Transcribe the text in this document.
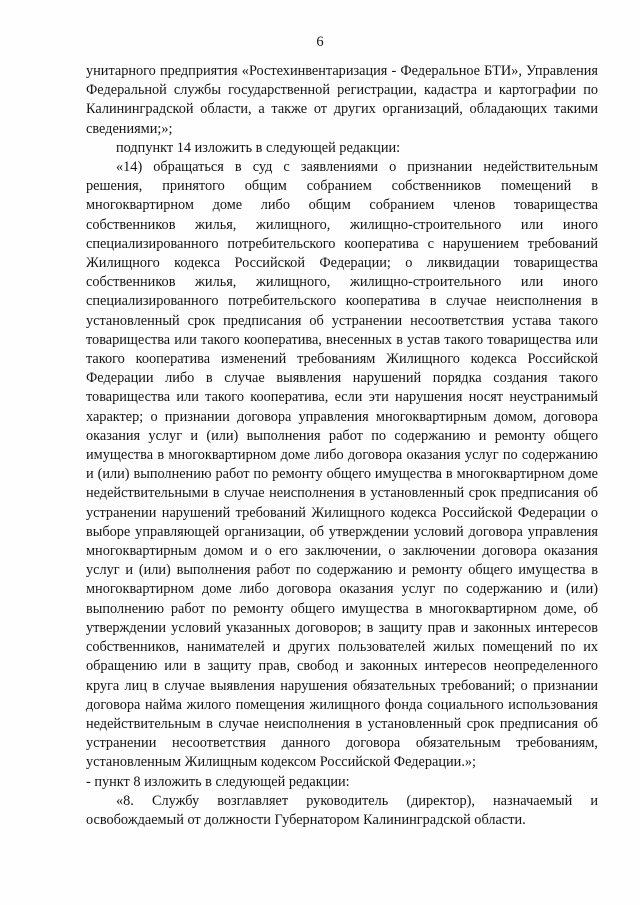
6

унитарного предприятия «Ростехинвентаризация - Федеральное БТИ», Управления Федеральной службы государственной регистрации, кадастра и картографии по Калининградской области, а также от других организаций, обладающих такими сведениями;»;

подпункт 14 изложить в следующей редакции:

«14) обращаться в суд с заявлениями о признании недействительным решения, принятого общим собранием собственников помещений в многоквартирном доме либо общим собранием членов товарищества собственников жилья, жилищного, жилищно-строительного или иного специализированного потребительского кооператива с нарушением требований Жилищного кодекса Российской Федерации; о ликвидации товарищества собственников жилья, жилищного, жилищно-строительного или иного специализированного потребительского кооператива в случае неисполнения в установленный срок предписания об устранении несоответствия устава такого товарищества или такого кооператива, внесенных в устав такого товарищества или такого кооператива изменений требованиям Жилищного кодекса Российской Федерации либо в случае выявления нарушений порядка создания такого товарищества или такого кооператива, если эти нарушения носят неустранимый характер; о признании договора управления многоквартирным домом, договора оказания услуг и (или) выполнения работ по содержанию и ремонту общего имущества в многоквартирном доме либо договора оказания услуг по содержанию и (или) выполнению работ по ремонту общего имущества в многоквартирном доме недействительными в случае неисполнения в установленный срок предписания об устранении нарушений требований Жилищного кодекса Российской Федерации о выборе управляющей организации, об утверждении условий договора управления многоквартирным домом и о его заключении, о заключении договора оказания услуг и (или) выполнения работ по содержанию и ремонту общего имущества в многоквартирном доме либо договора оказания услуг по содержанию и (или) выполнению работ по ремонту общего имущества в многоквартирном доме, об утверждении условий указанных договоров; в защиту прав и законных интересов собственников, нанимателей и других пользователей жилых помещений по их обращению или в защиту прав, свобод и законных интересов неопределенного круга лиц в случае выявления нарушения обязательных требований; о признании договора найма жилого помещения жилищного фонда социального использования недействительным в случае неисполнения в установленный срок предписания об устранении несоответствия данного договора обязательным требованиям, установленным Жилищным кодексом Российской Федерации.»;

- пункт 8 изложить в следующей редакции:

«8. Службу возглавляет руководитель (директор), назначаемый и освобождаемый от должности Губернатором Калининградской области.
